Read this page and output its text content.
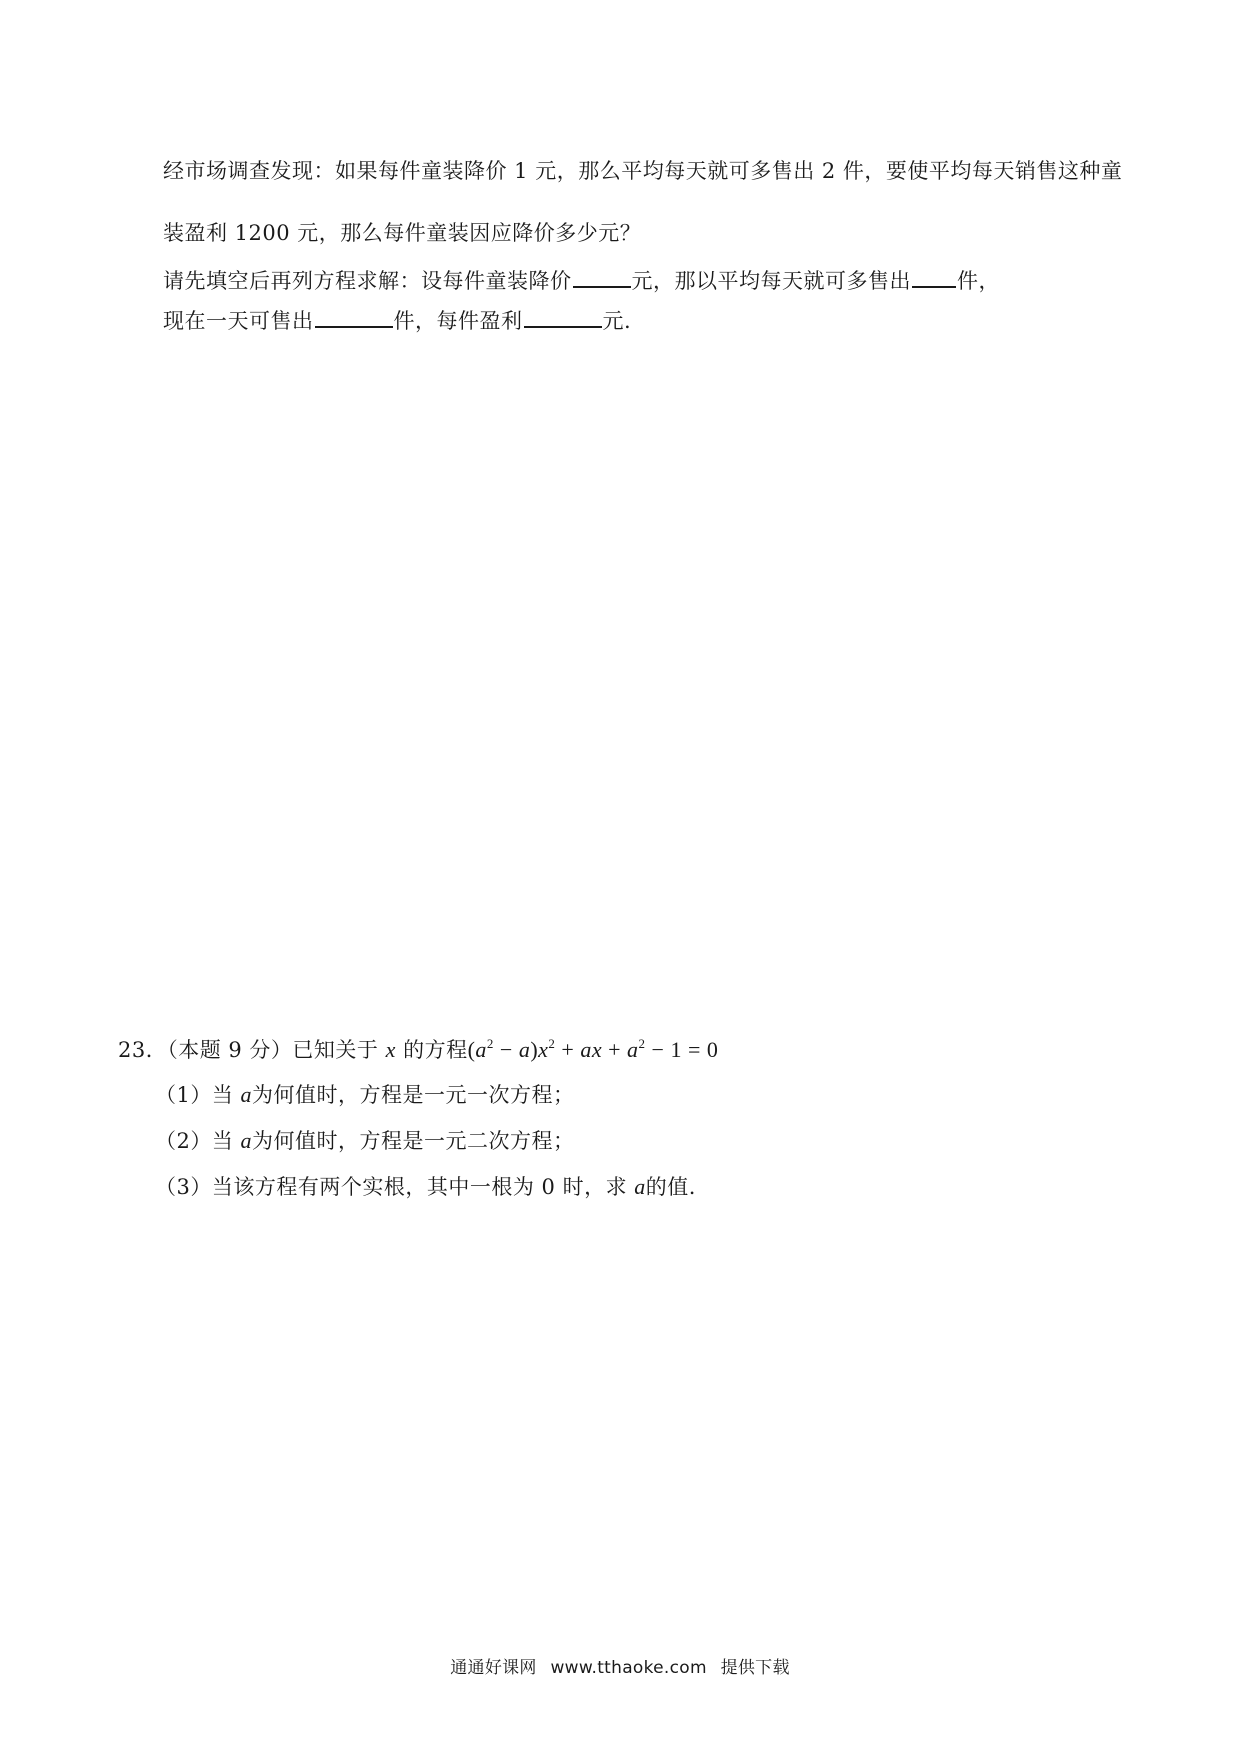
经市场调查发现：如果每件童装降价 1 元，那么平均每天就可多售出 2 件，要使平均每天销售这种童
装盈利 1200 元，那么每件童装因应降价多少元？
请先填空后再列方程求解：设每件童装降价	元，那以平均每天就可多售出 件，
现在一天可售出	件，每件盈利	元.
23．（本题 9 分）已知关于 x 的方程$(a^2 - a)x^2$ + ax + $a^2 - 1 = 0$
（1）当 a为何值时，方程是一元一次方程；
（2）当 a为何值时，方程是一元二次方程；
（3）当该方程有两个实根，其中一根为 0 时，求 a的值.
通通好课网 www.tthaoke.com 提供下载
